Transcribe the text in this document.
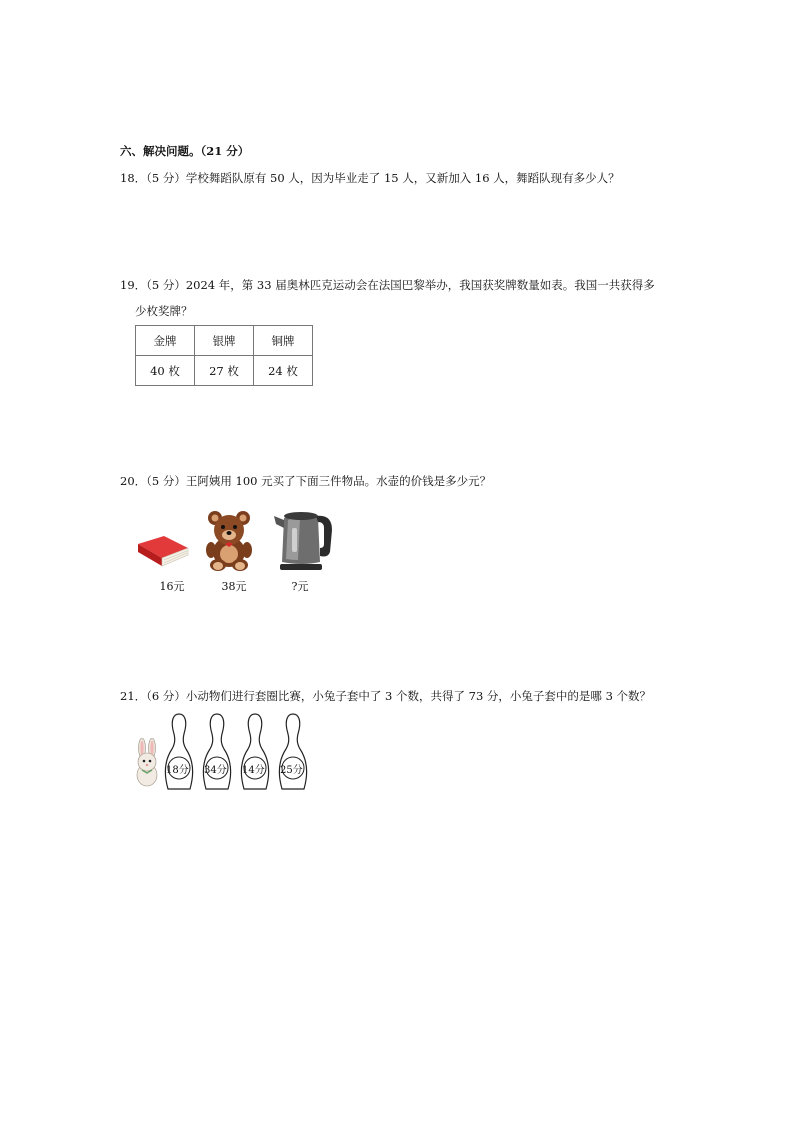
六、解决问题。（21 分）
18．（5 分）学校舞蹈队原有 50 人，因为毕业走了 15 人，又新加入 16 人，舞蹈队现有多少人？
19．（5 分）2024 年，第 33 届奥林匹克运动会在法国巴黎举办，我国获奖牌数量如表。我国一共获得多
少枚奖牌？
金牌	银牌	铜牌
40 枚	27 枚	24 枚
20．（5 分）王阿姨用 100 元买了下面三件物品。水壶的价钱是多少元？
16元	38元	?元
21．（6 分）小动物们进行套圈比赛，小兔子套中了 3 个数，共得了 73 分，小兔子套中的是哪 3 个数？
18分 34分 14分 25分
